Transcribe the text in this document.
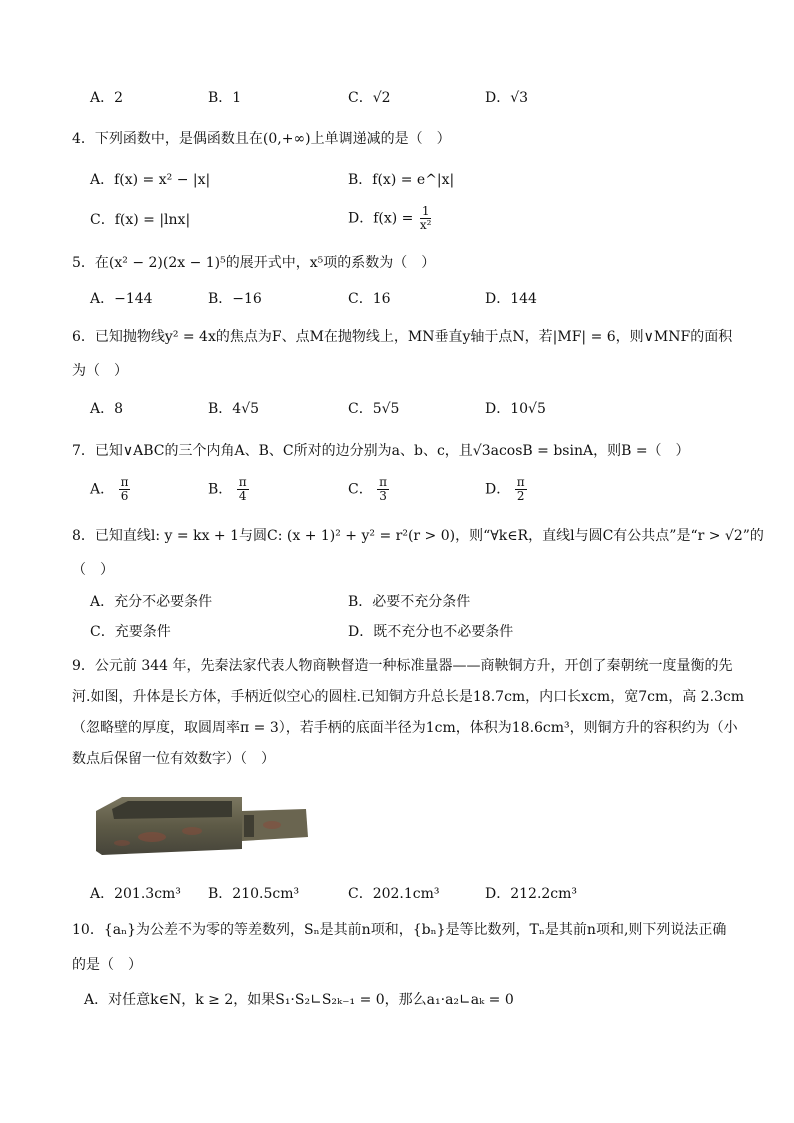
A．2	B．1	C．√2	D．√3
4．下列函数中，是偶函数且在(0,+∞)上单调递减的是（　）
A．f(x) = x² − |x|	B．f(x) = e^|x|
C．f(x) = |lnx|	D．$f(x) = \frac{1}{\text{x²}}$
5．在(x² − 2)(2x − 1)⁵的展开式中，x⁵项的系数为（　）
A．−144	B．−16	C．16	D．144
6．已知抛物线y² = 4x的焦点为F、点M在抛物线上，MN垂直y轴于点N，若|MF| = 6，则∨MNF的面积
为（　）
A．8	B．4√5	C．5√5	D．10√5
7．已知∨ABC的三个内角A、B、C所对的边分别为a、b、c，且√3acosB = bsinA，则B =（　）
A． $\frac{\pi}{6}$	B． $\frac{\pi}{4}$	C． $\frac{\pi}{3}$	D． $\frac{\pi}{2}$
8．已知直线l: y = kx + 1与圆C: (x + 1)² + y² = r²(r > 0)，则“∀k∈R，直线l与圆C有公共点”是“r > √2”的
（　）
A．充分不必要条件	B．必要不充分条件
C．充要条件	D．既不充分也不必要条件
9．公元前 344 年，先秦法家代表人物商鞅督造一种标准量器——商鞅铜方升，开创了秦朝统一度量衡的先
河.如图，升体是长方体，手柄近似空心的圆柱.已知铜方升总长是18.7cm，内口长xcm，宽7cm，高 2.3cm
（忽略壁的厚度，取圆周率π = 3），若手柄的底面半径为1cm，体积为18.6cm³，则铜方升的容积约为（小
数点后保留一位有效数字）（　）
A．201.3cm³ B．210.5cm³	C．202.1cm³	D．212.2cm³
10．{aₙ}为公差不为零的等差数列，Sₙ是其前n项和，{bₙ}是等比数列，Tₙ是其前n项和,则下列说法正确
的是（　）
A．对任意k∈N，k ≥ 2，如果S₁·S₂∟S₂ₖ₋₁ = 0，那么a₁·a₂∟aₖ = 0
